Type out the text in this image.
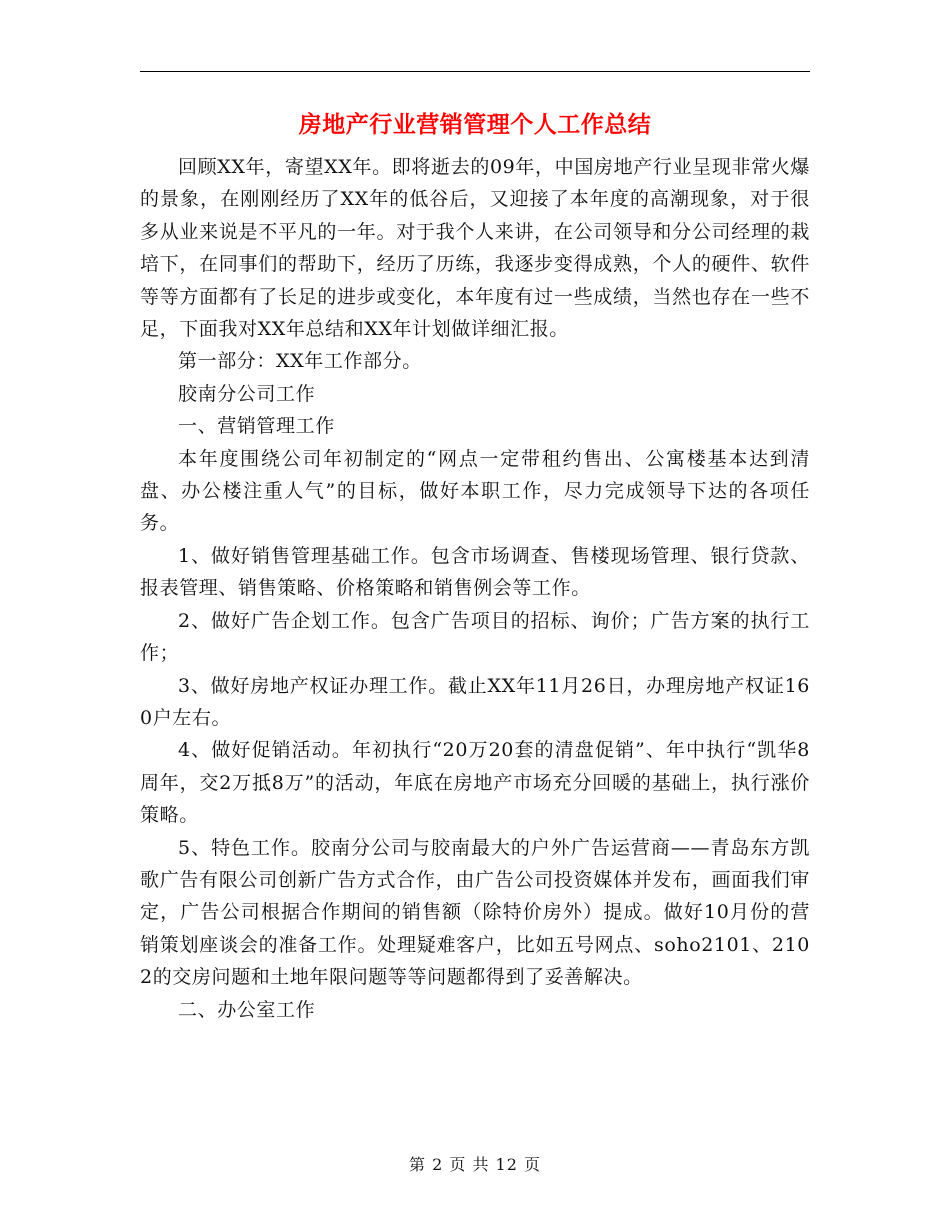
房地产行业营销管理个人工作总结

回顾XX年，寄望XX年。即将逝去的09年，中国房地产行业呈现非常火爆的景象，在刚刚经历了XX年的低谷后，又迎接了本年度的高潮现象，对于很多从业来说是不平凡的一年。对于我个人来讲，在公司领导和分公司经理的栽培下，在同事们的帮助下，经历了历练，我逐步变得成熟，个人的硬件、软件等等方面都有了长足的进步或变化，本年度有过一些成绩，当然也存在一些不足，下面我对XX年总结和XX年计划做详细汇报。

第一部分：XX年工作部分。

胶南分公司工作

一、营销管理工作

本年度围绕公司年初制定的“网点一定带租约售出、公寓楼基本达到清盘、办公楼注重人气”的目标，做好本职工作，尽力完成领导下达的各项任务。

1、做好销售管理基础工作。包含市场调查、售楼现场管理、银行贷款、报表管理、销售策略、价格策略和销售例会等工作。

2、做好广告企划工作。包含广告项目的招标、询价；广告方案的执行工作；

3、做好房地产权证办理工作。截止XX年11月26日，办理房地产权证160户左右。

4、做好促销活动。年初执行“20万20套的清盘促销”、年中执行“凯华8周年，交2万抵8万”的活动，年底在房地产市场充分回暖的基础上，执行涨价策略。

5、特色工作。胶南分公司与胶南最大的户外广告运营商——青岛东方凯歌广告有限公司创新广告方式合作，由广告公司投资媒体并发布，画面我们审定，广告公司根据合作期间的销售额（除特价房外）提成。做好10月份的营销策划座谈会的准备工作。处理疑难客户，比如五号网点、soho2101、2102的交房问题和土地年限问题等等问题都得到了妥善解决。

二、办公室工作

第 2 页 共 12 页
